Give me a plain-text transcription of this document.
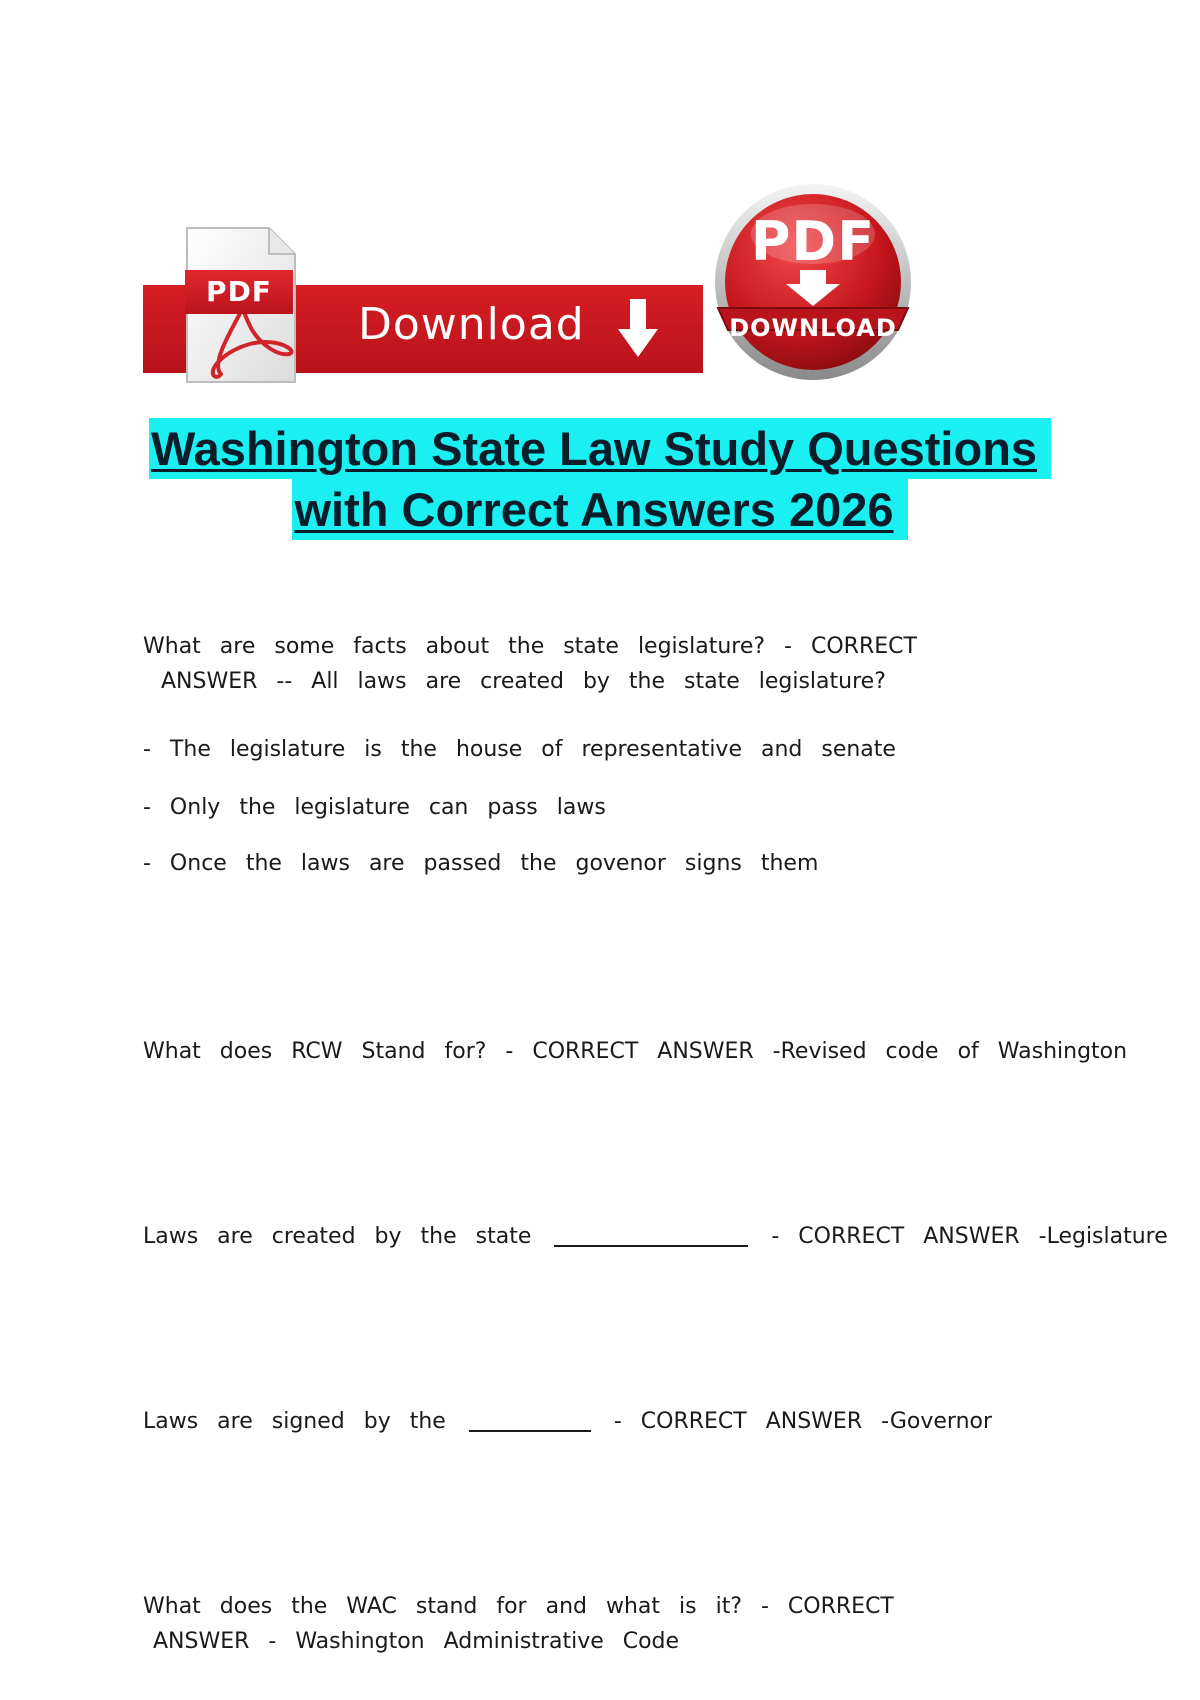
Download
PDF
PDF
DOWNLOAD
Washington State Law Study Questions
with Correct Answers 2026
What are some facts about the state legislature? - CORRECT
ANSWER -- All laws are created by the state legislature?
- The legislature is the house of representative and senate
- Only the legislature can pass laws
- Once the laws are passed the govenor signs them
What does RCW Stand for? - CORRECT ANSWER -Revised code of Washington
Laws are created by the state	- CORRECT ANSWER -Legislature
Laws are signed by the	- CORRECT ANSWER -Governor
What does the WAC stand for and what is it? - CORRECT
ANSWER - Washington Administrative Code
